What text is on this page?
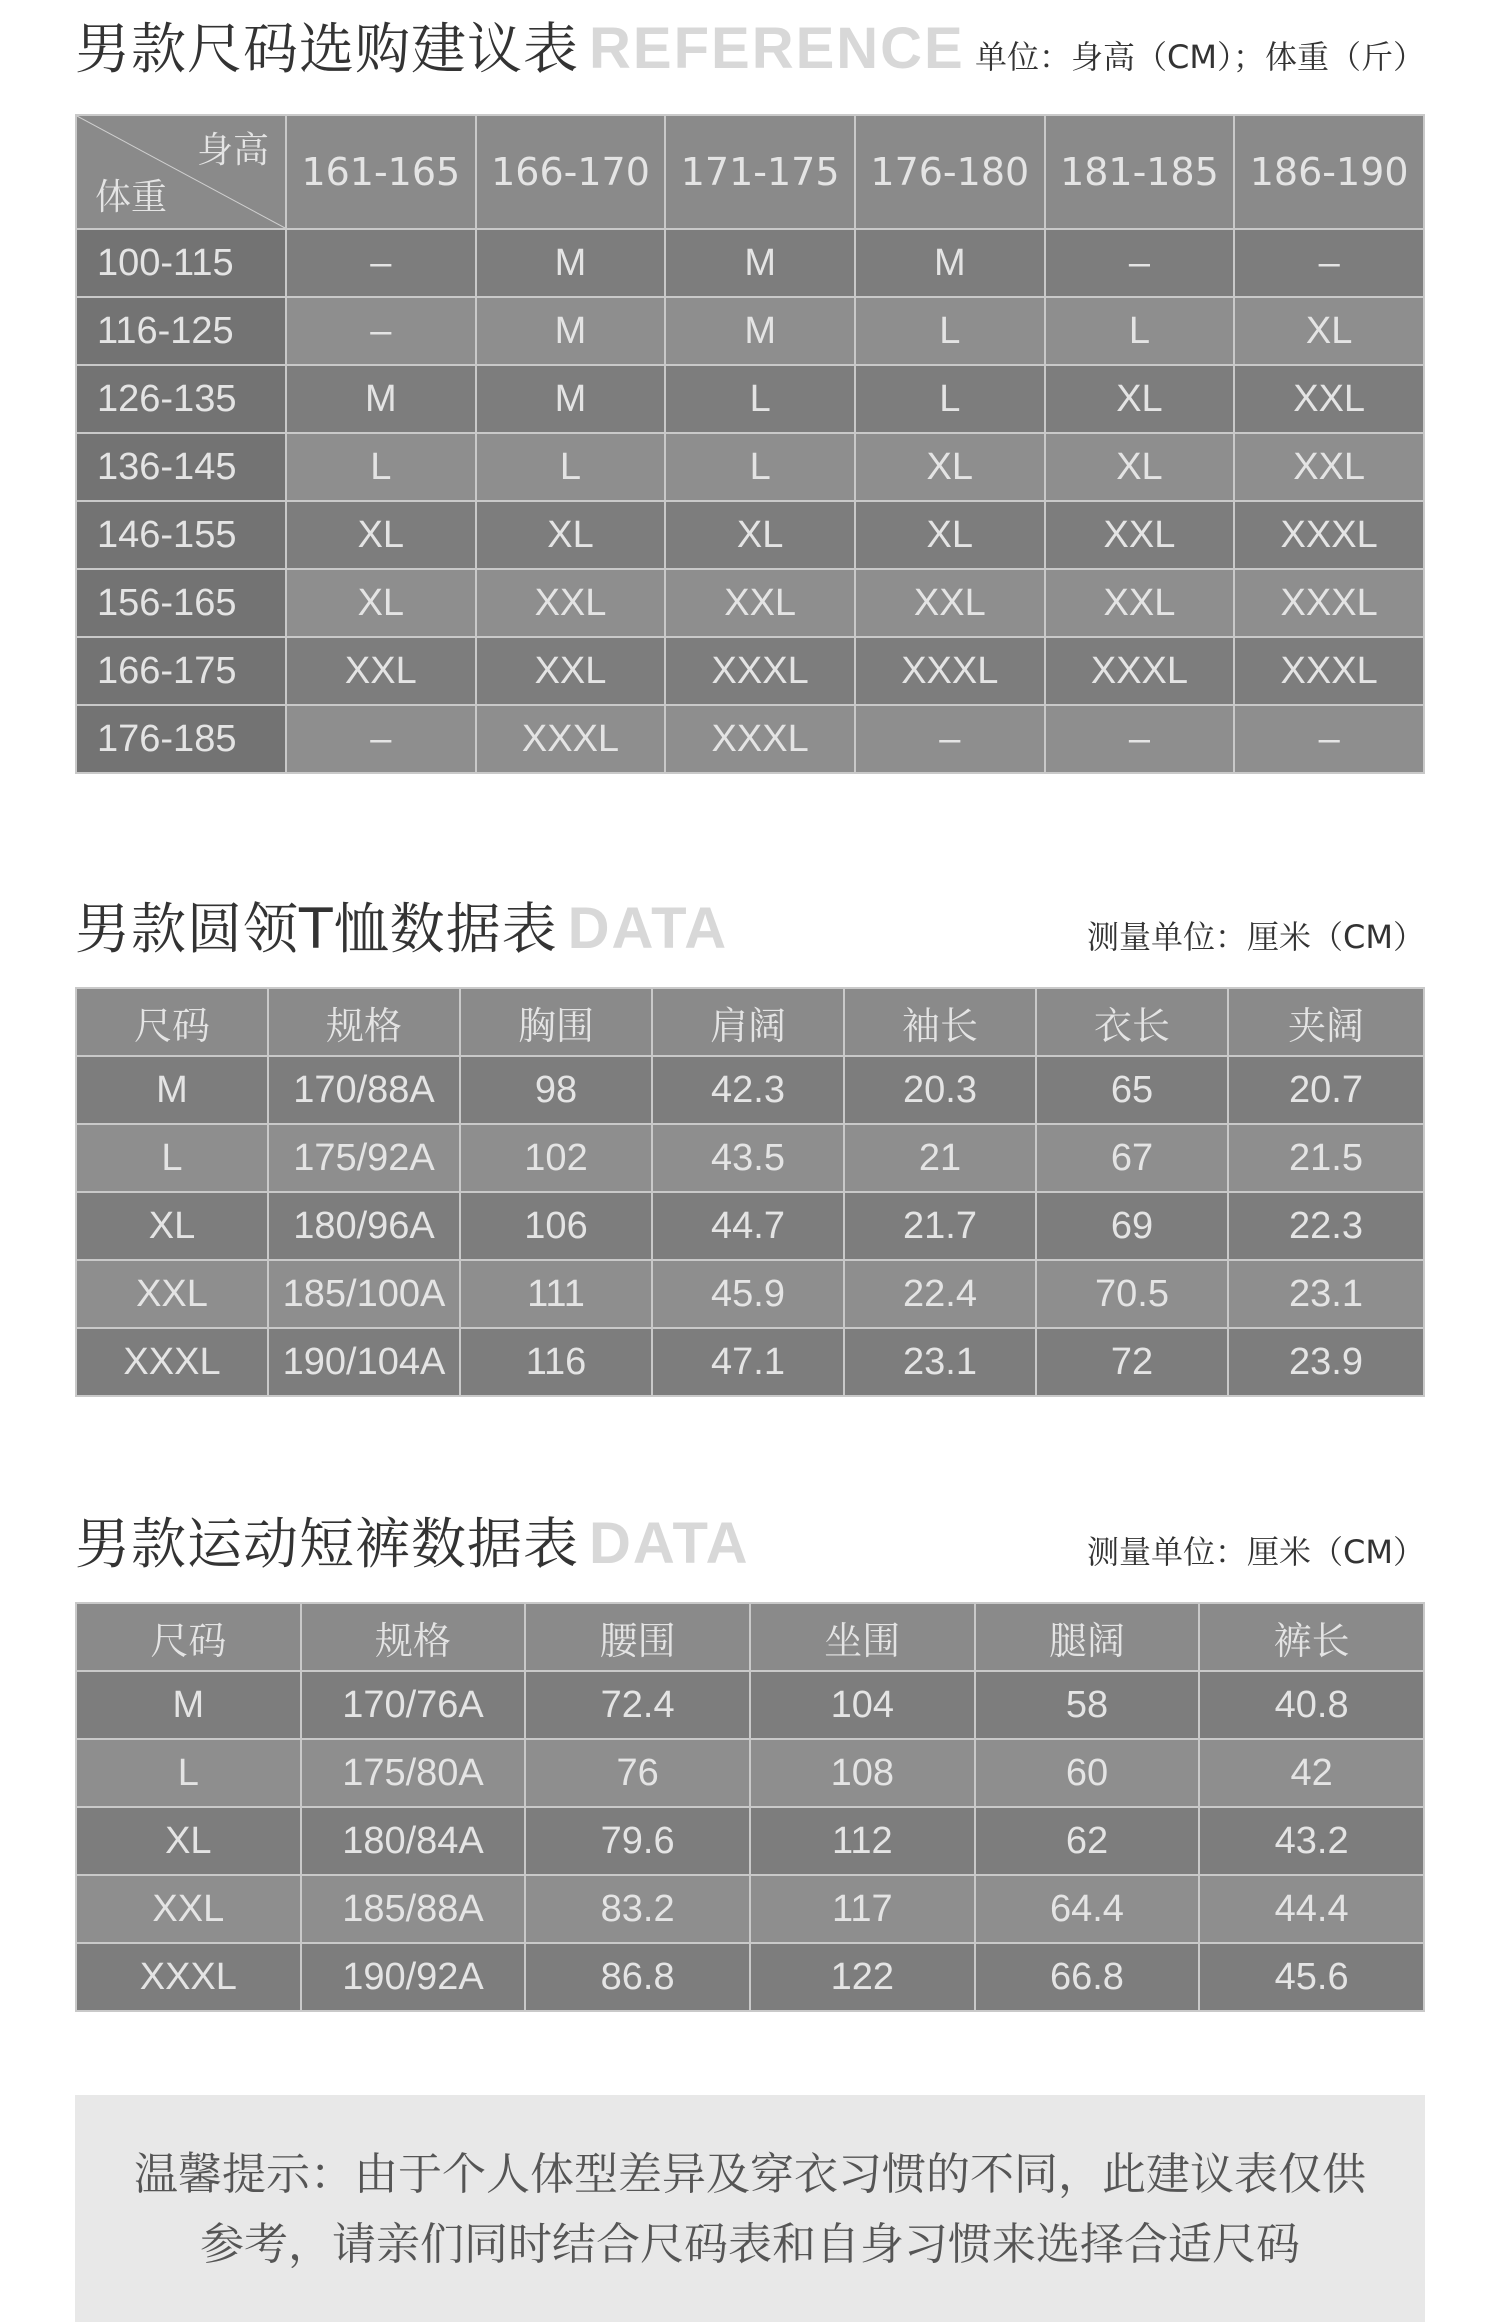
男款尺码选购建议表 REFERENCE 单位：身高（CM）；体重（斤）
身高
体重	161-165	166-170	171-175	176-180	181-185	186-190
100-115	–	M	M	M	–	–
116-125	–	M	M	L	L	XL
126-135	M	M	L	L	XL	XXL
136-145	L	L	L	XL	XL	XXL
146-155	XL	XL	XL	XL	XXL	XXXL
156-165	XL	XXL	XXL	XXL	XXL	XXXL
166-175	XXL	XXL	XXXL	XXXL	XXXL	XXXL
176-185	–	XXXL	XXXL	–	–	–
男款圆领T恤数据表 DATA	测量单位：厘米（CM）
尺码	规格	胸围	肩阔	袖长	衣长	夹阔
M	170/88A	98	42.3	20.3	65	20.7
L	175/92A	102	43.5	21	67	21.5
XL	180/96A	106	44.7	21.7	69	22.3
XXL	185/100A	111	45.9	22.4	70.5	23.1
XXXL	190/104A	116	47.1	23.1	72	23.9
男款运动短裤数据表 DATA	测量单位：厘米（CM）
尺码	规格	腰围	坐围	腿阔	裤长
M	170/76A	72.4	104	58	40.8
L	175/80A	76	108	60	42
XL	180/84A	79.6	112	62	43.2
XXL	185/88A	83.2	117	64.4	44.4
XXXL	190/92A	86.8	122	66.8	45.6

温馨提示：由于个人体型差异及穿衣习惯的不同，此建议表仅供

参考，请亲们同时结合尺码表和自身习惯来选择合适尺码
